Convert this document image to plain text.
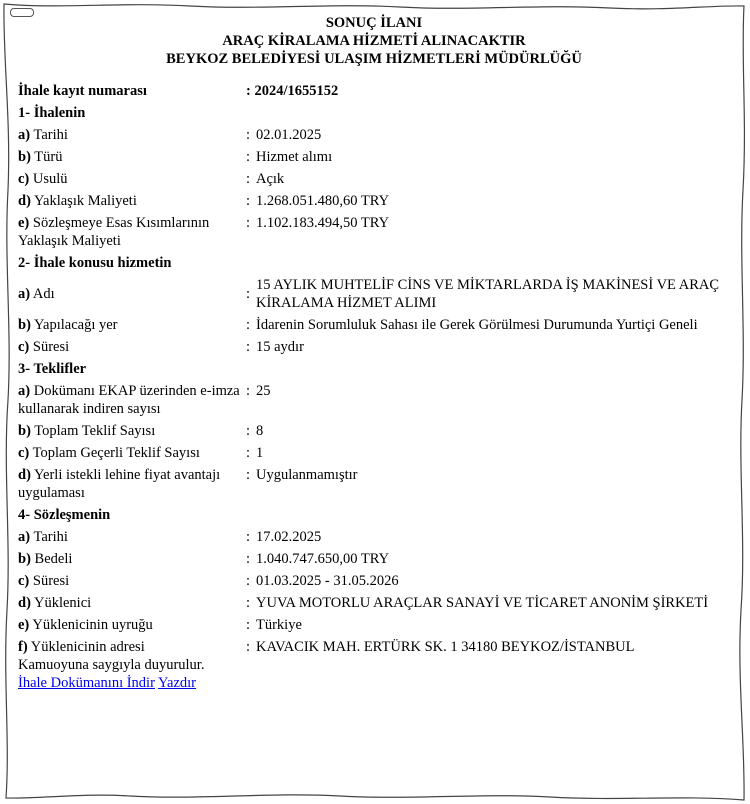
SONUÇ İLANI
ARAÇ KİRALAMA HİZMETİ ALINACAKTIR
BEYKOZ BELEDİYESİ ULAŞIM HİZMETLERİ MÜDÜRLÜĞÜ
İhale kayıt numarası	: 2024/1655152
1- İhalenin
a) Tarihi	: 02.01.2025
b) Türü	: Hizmet alımı
c) Usulü	: Açık
d) Yaklaşık Maliyeti	: 1.268.051.480,60 TRY
e) Sözleşmeye Esas Kısımlarının Yaklaşık Maliyeti
: 1.102.183.494,50 TRY
2- İhale konusu hizmetin
a) Adı	:
15 AYLIK MUHTELİF CİNS VE MİKTARLARDA İŞ MAKİNESİ VE ARAÇ KİRALAMA HİZMET ALIMI
b) Yapılacağı yer	: İdarenin Sorumluluk Sahası ile Gerek Görülmesi Durumunda Yurtiçi Geneli
c) Süresi	: 15 aydır
3- Teklifler
a) Dokümanı EKAP üzerinden e-imza kullanarak indiren sayısı
: 25
b) Toplam Teklif Sayısı	: 8
c) Toplam Geçerli Teklif Sayısı	: 1
d) Yerli istekli lehine fiyat avantajı uygulaması
: Uygulanmamıştır
4- Sözleşmenin
a) Tarihi	: 17.02.2025
b) Bedeli	: 1.040.747.650,00 TRY
c) Süresi	: 01.03.2025 - 31.05.2026
d) Yüklenici	: YUVA MOTORLU ARAÇLAR SANAYİ VE TİCARET ANONİM ŞİRKETİ
e) Yüklenicinin uyruğu	: Türkiye
f) Yüklenicinin adresi	: KAVACIK MAH. ERTÜRK SK. 1 34180 BEYKOZ/İSTANBUL
Kamuoyuna saygıyla duyurulur.
İhale Dokümanını İndir Yazdır
